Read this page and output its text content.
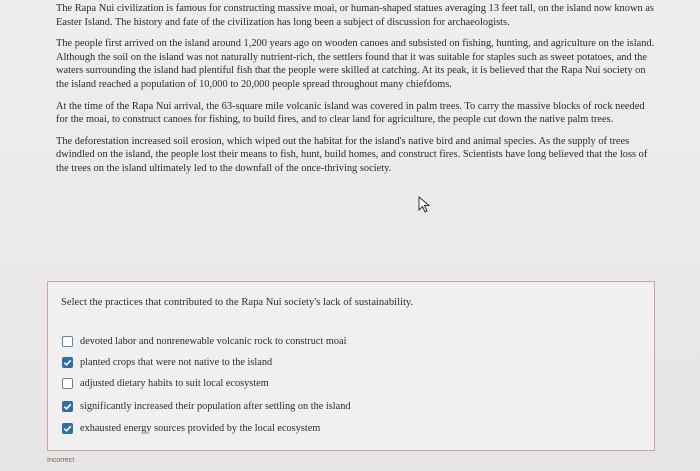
The Rapa Nui civilization is famous for constructing massive moai, or human-shaped statues averaging 13 feet tall, on the island now known as Easter Island. The history and fate of the civilization has long been a subject of discussion for archaeologists.

The people first arrived on the island around 1,200 years ago on wooden canoes and subsisted on fishing, hunting, and agriculture on the island. Although the soil on the island was not naturally nutrient-rich, the settlers found that it was suitable for staples such as sweet potatoes, and the waters surrounding the island had plentiful fish that the people were skilled at catching. At its peak, it is believed that the Rapa Nui society on the island reached a population of 10,000 to 20,000 people spread throughout many chiefdoms.

At the time of the Rapa Nui arrival, the 63-square mile volcanic island was covered in palm trees. To carry the massive blocks of rock needed for the moai, to construct canoes for fishing, to build fires, and to clear land for agriculture, the people cut down the native palm trees.

The deforestation increased soil erosion, which wiped out the habitat for the island's native bird and animal species. As the supply of trees dwindled on the island, the people lost their means to fish, hunt, build homes, and construct fires. Scientists have long believed that the loss of the trees on the island ultimately led to the downfall of the once-thriving society.

Select the practices that contributed to the Rapa Nui society's lack of sustainability.
devoted labor and nonrenewable volcanic rock to construct moai
planted crops that were not native to the island
adjusted dietary habits to suit local ecosystem
significantly increased their population after settling on the island
exhausted energy sources provided by the local ecosystem
Incorrect
